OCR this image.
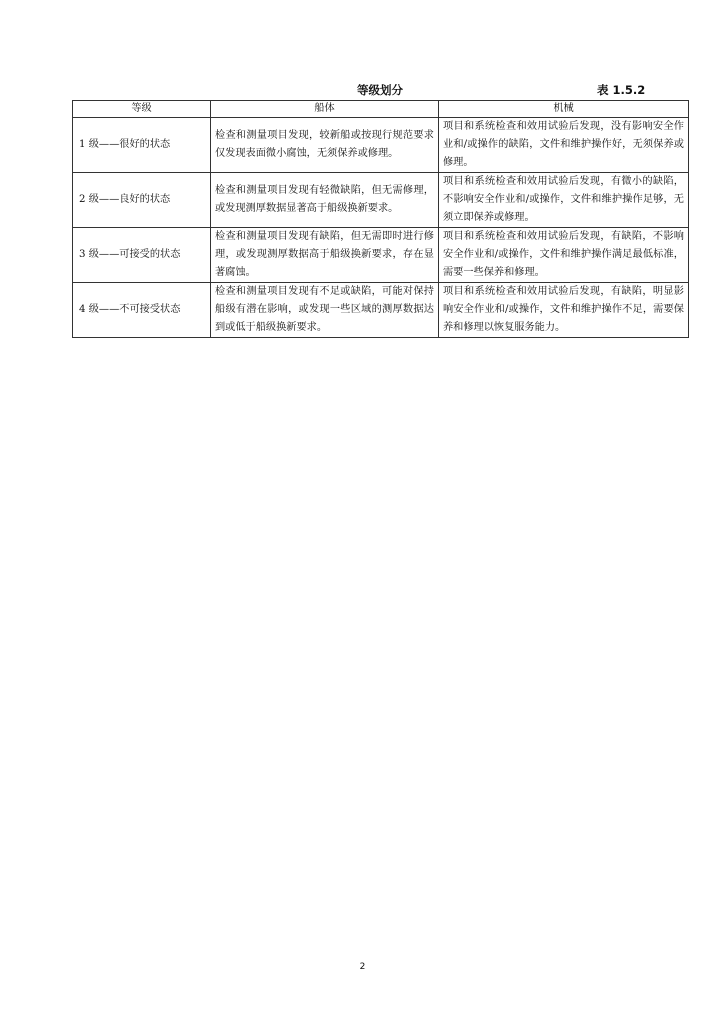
等级划分	表 1.5.2
等级	船体	机械
1 级——很好的状态	检查和测量项目发现，较新船或按现行规范要求仅发现表面微小腐蚀，无须保养或修理。	项目和系统检查和效用试验后发现，没有影响安全作业和/或操作的缺陷，文件和维护操作好，无须保养或修理。
2 级——良好的状态	检查和测量项目发现有轻微缺陷，但无需修理，或发现测厚数据显著高于船级换新要求。	项目和系统检查和效用试验后发现，有微小的缺陷，不影响安全作业和/或操作，文件和维护操作足够，无须立即保养或修理。
3 级——可接受的状态	检查和测量项目发现有缺陷，但无需即时进行修理，或发现测厚数据高于船级换新要求，存在显著腐蚀。	项目和系统检查和效用试验后发现，有缺陷，不影响安全作业和/或操作，文件和维护操作满足最低标准，需要一些保养和修理。
4 级——不可接受状态	检查和测量项目发现有不足或缺陷，可能对保持船级有潜在影响，或发现一些区域的测厚数据达到或低于船级换新要求。	项目和系统检查和效用试验后发现，有缺陷，明显影响安全作业和/或操作，文件和维护操作不足，需要保养和修理以恢复服务能力。
2
